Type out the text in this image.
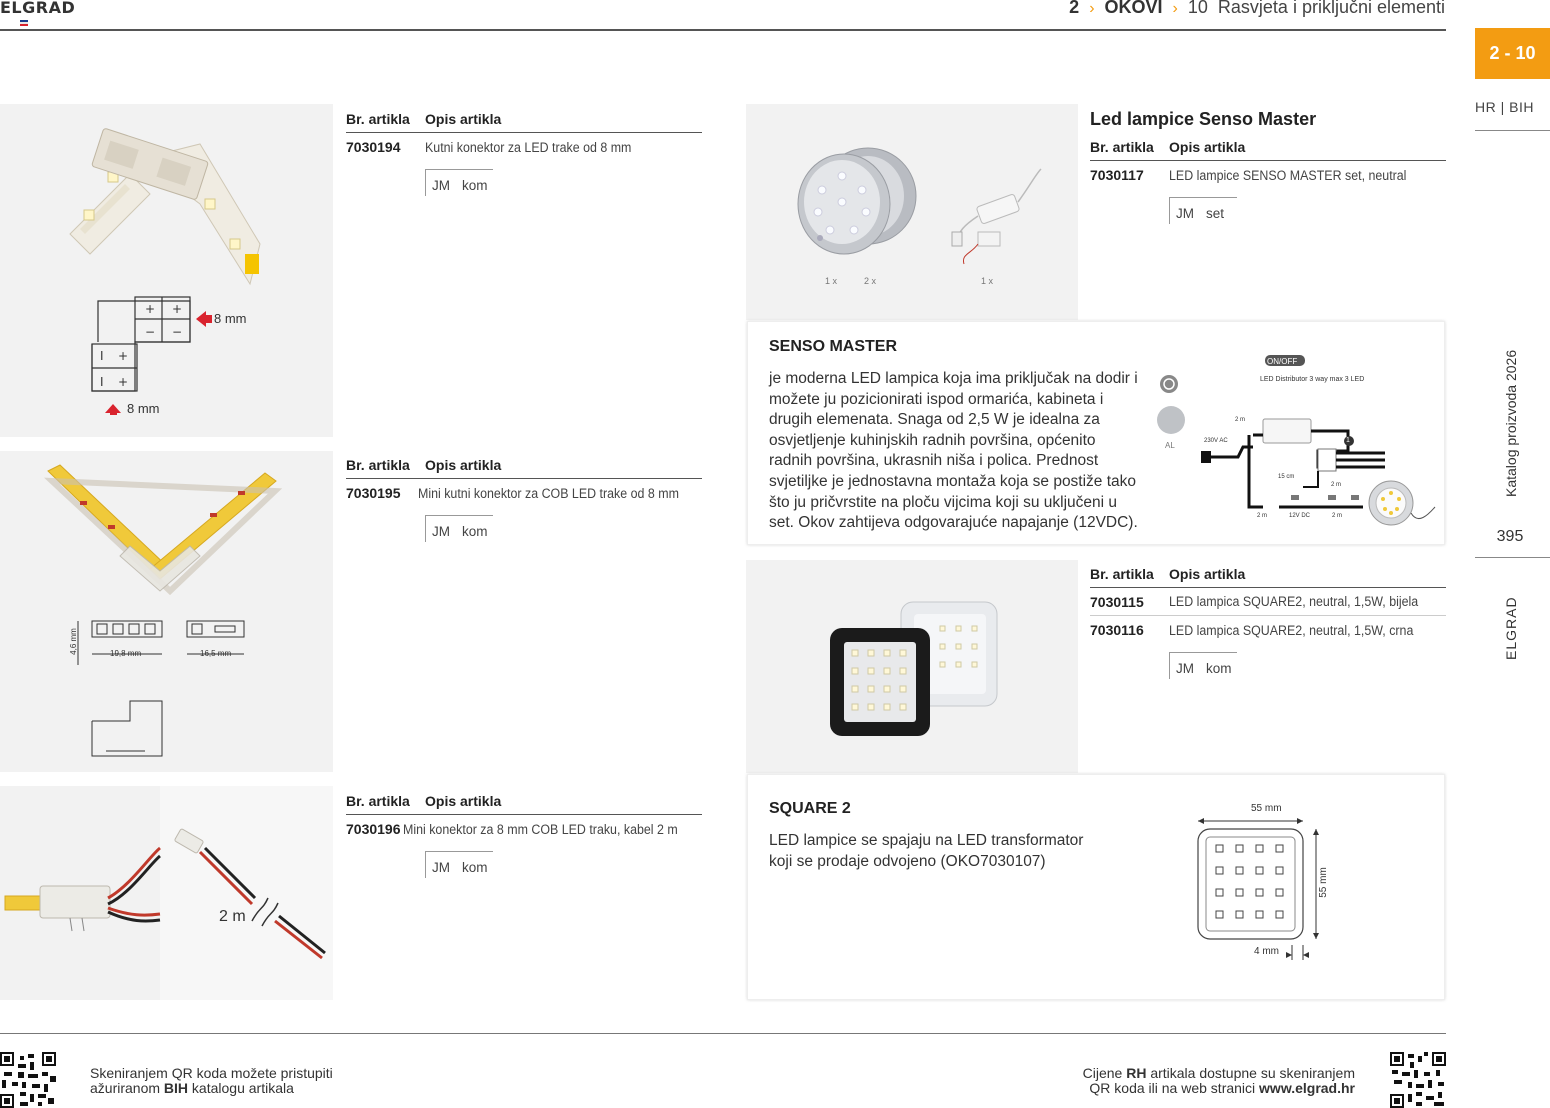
ELGRAD	2 › OKOVI › 10 Rasvjeta i priključni elementi
2 - 10
HR | BIH
Katalog proizvoda 2026
395
ELGRAD
+ +
− −
I +
I +
8 mm
8 mm
Br. artikla	Opis artikla
7030194	Kutni konektor za LED trake od 8 mm
JM kom
4,6 mm	19,8 mm	16,5 mm
Br. artikla	Opis artikla
7030195	Mini kutni konektor za COB LED trake od 8 mm
JM kom
2 m
Br. artikla	Opis artikla
7030196 Mini konektor za 8 mm COB LED traku, kabel 2 m
JM kom
1 x	2 x	1 x
Led lampice Senso Master
Br. artikla	Opis artikla
7030117	LED lampice SENSO MASTER set, neutral
JM set
SENSO MASTER

je moderna LED lampica koja ima priključak na dodir i možete ju pozicionirati ispod ormarića, kabineta i drugih elemenata. Snaga od 2,5 W je idealna za osvjetljenje kuhinjskih radnih površina, općenito radnih površina, ukrasnih niša i polica. Prednost svjetiljke je jednostavna montaža koja se postiže tako što ju pričvrstite na ploču vijcima koji su uključeni u set. Okov zahtijeva odgovarajuće napajanje (12VDC).

ON/OFF
LED Distributor 3 way max 3 LED
AL	230V AC
2 m
15 cm
2 m
2 m	12V DC	2 m
1
Br. artikla	Opis artikla
7030115	LED lampica SQUARE2, neutral, 1,5W, bijela
7030116	LED lampica SQUARE2, neutral, 1,5W, crna
JM kom
SQUARE 2

LED lampice se spajaju na LED transformator koji se prodaje odvojeno (OKO7030107)

55 mm
55 mm
4 mm
Skeniranjem QR koda možete pristupiti
ažuriranom BIH katalogu artikala
Cijene RH artikala dostupne su skeniranjem
QR koda ili na web stranici www.elgrad.hr
